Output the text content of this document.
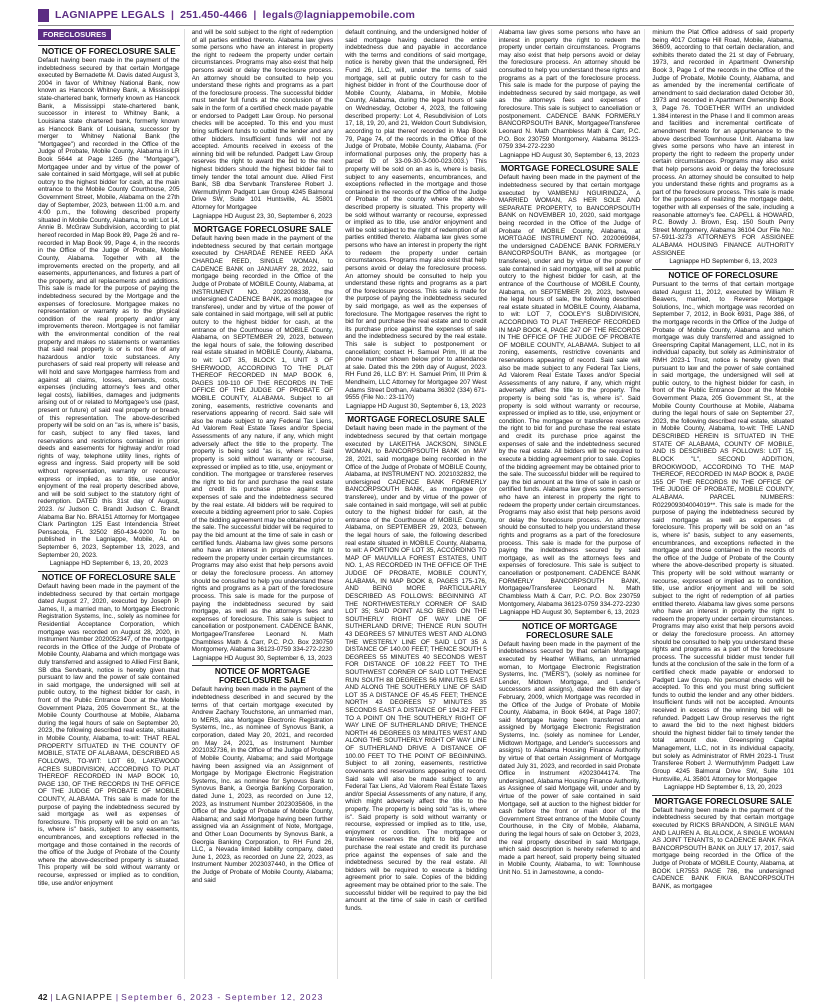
LAGNIAPPE LEGALS | 251.450-4466 | legals@lagniappemobile.com
FORECLOSURES
NOTICE OF FORECLOSURE SALE
Default having been made in the payment of the indebtedness secured by that certain Mortgage executed by Bernadette M. Davis dated August 3, 2004 in favor of Whitney National Bank, now known as Hancock Whitney Bank, a Mississippi state-chartered bank, formerly known as Hancock Bank, a Mississippi state-chartered bank, successor in interest to Whitney Bank, a Louisiana state chartered bank, formerly known as Hancock Bank of Louisiana, successor by merger to Whitney National Bank (the "Mortgagee") and recorded in the Office of the Judge of Probate, Mobile County, Alabama in LR Book 5644 at Page 1265 (the "Mortgage"), Mortgagee under and by virtue of the power of sale contained in said Mortgage, will sell at public outcry to the highest bidder for cash, at the main entrance to the Mobile County Courthouse, 205 Government Street, Mobile, Alabama on the 27th day of September, 2023, between 11:00 a.m. and 4:00 p.m., the following described property situated in Mobile County, Alabama, to wit: Lot 14, Annie B. McGraw Subdivision, according to plat hereof recorded in Map Book 89, Page 26 and re-recorded in Map Book 99, Page 4, in the records in the Office of the Judge of Probate, Mobile County, Alabama. Together with all the improvements erected on the property, and all easements, appurtenances, and fixtures a part of the property, and all replacements and additions. This sale is made for the purpose of paying the indebtedness secured by the Mortgage and the expenses of foreclosure. Mortgagee makes no representation or warranty as to the physical condition of the real property and/or any improvements thereon. Mortgagee is not familiar with the environmental condition of the real property and makes no statements or warranties that said real property is or is not free of any hazardous and/or toxic substances. Any purchasers of said real property will release and will hold and save Mortgagee harmless from and against all claims, losses, demands, costs, expenses (including attorney's fees and other legal costs), liabilities, damages and judgments arising out of or related to Mortgagee's use (past, present or future) of said real property or breach of this representation. The above-described property will be sold on an "as is, where is" basis, for cash, subject to any filed taxes, land reservations and restrictions contained in prior deeds and easements for highway and/or road rights of way, telephone utility lines, rights of egress and ingress. Said property will be sold without representation, warranty or recourse, express or implied, as to title, use and/or enjoyment of the real property described above, and will be sold subject to the statutory right of redemption. DATED this 31st day of August, 2023. /s/ Judson C. Brandt Judson C. Brandt Alabama Bar No. BRA151 Attorney for Mortgagee Clark Partington 125 East Intendencia Street Pensacola, FL 32502 850-434-9200 To be published in the Lagniappe, Mobile, AL on September 6, 2023, September 13, 2023, and September 20, 2023.
Lagniappe HD September 6, 13, 20, 2023
NOTICE OF FORECLOSURE SALE
Default having been made in the payment of the indebtedness secured by that certain mortgage dated August 27, 2020, executed by Joseph P. James, II, a married man, to Mortgage Electronic Registration Systems, Inc., solely as nominee for Residential Acceptance Corporation, which mortgage was recorded on August 28, 2020, in Instrument Number 2020052347, of the mortgage records in the Office of the Judge of Probate of Mobile County, Alabama and which mortgage was duly transferred and assigned to Allied First Bank, SB dba Servbank, notice is hereby given that pursuant to law and the power of sale contained in said mortgage, the undersigned will sell at public outcry, to the highest bidder for cash, in front of the Public Entrance Door at the Mobile Government Plaza, 205 Government St., at the Mobile County Courthouse at Mobile, Alabama during the legal hours of sale on September 20, 2023, the following described real estate, situated in Mobile County, Alabama, to-wit: THAT REAL PROPERTY SITUATED IN THE COUNTY OF MOBILE, STATE OF ALABAMA, DESCRIBED AS FOLLOWS, TO-WIT: LOT 69, LAKEWOOD ACRES SUBDIVISION, ACCORDING TO PLAT THEREOF RECORDED IN MAP BOOK 10, PAGE 130, OF THE RECORDS IN THE OFFICE OF THE JUDGE OF PROBATE OF MOBILE COUNTY, ALABAMA. This sale is made for the purpose of paying the indebtedness secured by said mortgage as well as expenses of foreclosure. This property will be sold on an "as is, where is" basis, subject to any easements, encumbrances, and exceptions reflected in the mortgage and those contained in the records of the office of the Judge of Probate of the County where the above-described property is situated. This property will be sold without warranty or recourse, expressed or implied as to condition, title, use and/or enjoyment
and will be sold subject to the right of redemption of all parties entitled thereto. Alabama law gives some persons who have an interest in property the right to redeem the property under certain circumstances. Programs may also exist that help persons avoid or delay the foreclosure process. An attorney should be consulted to help you understand these rights and programs as a part of the foreclosure process. The successful bidder must tender full funds at the conclusion of the sale in the form of a certified check made payable or endorsed to Padgett Law Group. No personal checks will be accepted. To this end you must bring sufficient funds to outbid the lender and any other bidders. Insufficient funds will not be accepted. Amounts received in excess of the winning bid will be refunded. Padgett Law Group reserves the right to award the bid to the next highest bidders should the highest bidder fail to timely tender the total amount due. Allied First Bank, SB dba Servbank Transferee Robert J. Wermuth/jmm Padgett Law Group 4245 Balmoral Drive SW, Suite 101 Huntsville, AL 35801 Attorney for Mortgagee
Lagniappe HD August 23, 30, September 6, 2023
MORTGAGE FORECLOSURE SALE
Default having been made in the payment of the indebtedness secured by that certain mortgage executed by CHARDAE RENEE REED AKA CHARDAE REED, SINGLE WOMAN, to CADENCE BANK on JANUARY 28, 2022, said mortgage being recorded in the Office of the Judge of Probate of MOBILE County, Alabama, at INSTRUMENT NO. 2022008338, the undersigned CADENCE BANK, as mortgagee (or transferee), under and by virtue of the power of sale contained in said mortgage, will sell at public outcry to the highest bidder for cash, at the entrance of the Courthouse of MOBILE County, Alabama, on SEPTEMBER 29, 2023, between the legal hours of sale, the following described real estate situated in MOBILE County, Alabama, to wit: LOT 35, BLOCK 1, UNIT 3 OF SHERWOOD, ACCORDING TO THE PLAT THEREOF RECORDED IN MAP BOOK 6, PAGES 109-110 OF THE RECORDS IN THE OFFICE OF THE JUDGE OF PROBATE OF MOBILE COUNTY, ALABAMA. Subject to all zoning, easements, restrictive covenants and reservations appearing of record. Said sale will also be made subject to any Federal Tax Liens, Ad Valorem Real Estate Taxes and/or Special Assessments of any nature, if any, which might adversely affect the title to the property. The property is being sold "as is, where is". Said property is sold without warranty or recourse, expressed or implied as to title, use, enjoyment or condition. The mortgagee or transferee reserves the right to bid for and purchase the real estate and credit its purchase price against the expenses of sale and the indebtedness secured by the real estate. All bidders will be required to execute a bidding agreement prior to sale. Copies of the bidding agreement may be obtained prior to the sale. The successful bidder will be required to pay the bid amount at the time of sale in cash or certified funds. Alabama law gives some persons who have an interest in property the right to redeem the property under certain circumstances. Programs may also exist that help persons avoid or delay the foreclosure process. An attorney should be consulted to help you understand these rights and programs as a part of the foreclosure process. This sale is made for the purpose of paying the indebtedness secured by said mortgage, as well as the attorneys fees and expenses of foreclosure. This sale is subject to cancellation or postponement. CADENCE BANK, Mortgagee/Transferee Leonard N. Math Chambless Math & Carr, P.C. P.O. Box 230759 Montgomery, Alabama 36123-0759 334-272-2230
Lagniappe HD August 30, September 6, 13, 2023
NOTICE OF MORTGAGE FORECLOSURE SALE
Default having been made in the payment of the indebtedness described in and secured by the terms of that certain mortgage executed by Andrew Zachary Touchstone, an unmarried man, to MERS, aka Mortgage Electronic Registration Systems, Inc., as nominee of Synovus Bank, a corporation, dated May 20, 2021, and recorded on May 24, 2021, as Instrument Number 2021032736, in the Office of the Judge of Probate of Mobile County, Alabama; and said Mortgage having been assigned via an Assignment of Mortgage by Mortgage Electronic Registration Systems, Inc. as nominee for Synovus Bank to Synovus Bank, a Georgia Banking Corporation, dated June 1, 2023, as recorded on June 12, 2023, as Instrument Number 2023035606, in the Office of the Judge of Probate of Mobile County, Alabama; and said Mortgage having been further assigned via an Assignment of Note, Mortgage, and Other Loan Documents by Synovus Bank, a Georgia Banking Corporation, to RH Fund 26, LLC, a Nevada limited liability company, dated June 1, 2023, as recorded on June 22, 2023, as Instrument Number 2023037440, in the Office of the Judge of Probate of Mobile County, Alabama; and said
default continuing, and the undersigned holder of said mortgage having declared the entire indebtedness due and payable in accordance with the terms and conditions of said mortgage, notice is hereby given that the undersigned, RH Fund 26, LLC, will, under the terms of said mortgage, sell at public outcry for cash to the highest bidder in front of the Courthouse door of Mobile County, Alabama, in Mobile, Mobile County, Alabama, during the legal hours of sale on Wednesday, October 4, 2023, the following described property: Lot 4, Resubdivision of Lots 17, 18, 19, 20, and 21, Weldon Court Subdivision, according to plat thereof recorded in Map Book 79, Page 74, of the records in the Office of the Judge of Probate, Mobile County, Alabama. (For informational purposes only, the property has a parcel ID of 33-09-30-3-000-023.003.) This property will be sold on an as is, where is basis, subject to any easements, encumbrances, and exceptions reflected in the mortgage and those contained in the records of the Office of the Judge of Probate of the county where the above-described property is situated. This property will be sold without warranty or recourse, expressed or implied as to title, use and/or enjoyment and will be sold subject to the right of redemption of all parties entitled thereto. Alabama law gives some persons who have an interest in property the right to redeem the property under certain circumstances. Programs may also exist that help persons avoid or delay the foreclosure process. An attorney should be consulted to help you understand these rights and programs as a part of the foreclosure process. This sale is made for the purpose of paying the indebtedness secured by said mortgage, as well as the expenses of foreclosure. The Mortgagee reserves the right to bid for and purchase the real estate and to credit its purchase price against the expenses of sale and the indebtedness secured by the real estate. This sale is subject to postponement or cancellation; contact H. Samuel Prim, III at the phone number shown below prior to attendance at sale. Dated this the 29th day of August, 2023. RH Fund 26, LLC BY: H. Samuel Prim, III Prim & Mendheim, LLC Attorney for Mortgagee 207 West Adams Street Dothan, Alabama 36302 (334) 671-9555 (File No.: 23-1170)
Lagniappe HD August 30, September 6, 13, 2023
MORTGAGE FORECLOSURE SALE
Default having been made in the payment of the indebtedness secured by that certain mortgage executed by LAKEITHA JACKSON, SINGLE WOMAN, to BANCORPSOUTH BANK on MAY 28, 2021, said mortgage being recorded in the Office of the Judge of Probate of MOBILE County, Alabama, at INSTRUMENT NO. 2021032832, the undersigned CADENCE BANK FORMERLY BANCORPSOUTH BANK, as mortgagee (or transferee), under and by virtue of the power of sale contained in said mortgage, will sell at public outcry to the highest bidder for cash, at the entrance of the Courthouse of MOBILE County, Alabama, on SEPTEMBER 29, 2023, between the legal hours of sale, the following described real estate situated in MOBILE County, Alabama, to wit: A PORTION OF LOT 35, ACCORDING TO MAP OF MAUVILLA FOREST ESTATES, UNIT NO. 1, AS RECORDED IN THE OFFICE OF THE JUDGE OF PROBATE, MOBILE COUNTY, ALABAMA, IN MAP BOOK 8, PAGES 175-176, AND BEING MORE PARTICULARLY DESCRIBED AS FOLLOWS: BEGINNING AT THE NORTHWESTERLY CORNER OF SAID LOT 35; SAID POINT ALSO BEING ON THE SOUTHERLY RIGHT OF WAY LINE OF SUTHERLAND DRIVE; THENCE RUN SOUTH 43 DEGREES 57 MINUTES WEST AND ALONG THE WESTERLY LINE OF SAID LOT 35 A DISTANCE OF 140.00 FEET; THENCE SOUTH 5 DEGREES 55 MINUTES 40 SECONDS WEST FOR DISTANCE OF 108.22 FEET TO THE SOUTHWEST CORNER OF SAID LOT THENCE RUN SOUTH 88 DEGREES 56 MINUTES EAST AND ALONG THE SOUTHERLY LINE OF SAID LOT 35 A DISTANCE OF 45.45 FEET; THENCE NORTH 43 DEGREES 57 MINUTES 35 SECONDS EAST A DISTANCE OF 194.32 FEET TO A POINT ON THE SOUTHERLY RIGHT OF WAY LINE OF SUTHERLAND DRIVE; THENCE NORTH 46 DEGREES 03 MINUTES WEST AND ALONG THE SOUTHERLY RIGHT OF WAY LINE OF SUTHERLAND DRIVE A DISTANCE OF 100.00 FEET TO THE POINT OF BEGINNING. Subject to all zoning, easements, restrictive covenants and reservations appearing of record. Said sale will also be made subject to any Federal Tax Liens, Ad Valorem Real Estate Taxes and/or Special Assessments of any nature, if any, which might adversely affect the title to the property. The property is being sold "as is, where is". Said property is sold without warranty or recourse, expressed or implied as to title, use, enjoyment or condition. The mortgagee or transferee reserves the right to bid for and purchase the real estate and credit its purchase price against the expenses of sale and the indebtedness secured by the real estate. All bidders will be required to execute a bidding agreement prior to sale. Copies of the bidding agreement may be obtained prior to the sale. The successful bidder will be required to pay the bid amount at the time of sale in cash or certified funds.
Alabama law gives some persons who have an interest in property the right to redeem the property under certain circumstances. Programs may also exist that help persons avoid or delay the foreclosure process. An attorney should be consulted to help you understand these rights and programs as a part of the foreclosure process. This sale is made for the purpose of paying the indebtedness secured by said mortgage, as well as the attorneys fees and expenses of foreclosure. This sale is subject to cancellation or postponement. CADENCE BANK FORMERLY BANCORPSOUTH BANK, Mortgagee/Transferee Leonard N. Math Chambless Math & Carr, P.C. P.O. Box 230759 Montgomery, Alabama 36123-0759 334-272-2230
Lagniappe HD August 30, September 6, 13, 2023
MORTGAGE FORECLOSURE SALE
Default having been made in the payment of the indebtedness secured by that certain mortgage executed by VAMBENU NGUIRINDZA, A MARRIED WOMAN, AS HER SOLE AND SEPARATE PROPERTY, to BANCORPSOUTH BANK on NOVEMBER 10, 2020, said mortgage being recorded in the Office of the Judge of Probate of MOBILE County, Alabama, at MORTGAGE INSTRUMENT NO. 2020069984, the undersigned CADENCE BANK FORMERLY BANCORPSOUTH BANK, as mortgagee (or transferee), under and by virtue of the power of sale contained in said mortgage, will sell at public outcry to the highest bidder for cash, at the entrance of the Courthouse of MOBILE County, Alabama, on SEPTEMBER 29, 2023, between the legal hours of sale, the following described real estate situated in MOBILE County, Alabama, to wit: LOT 7, COOLEY'S SUBDIVISION, ACCORDING TO PLAT THEREOF RECORDED IN MAP BOOK 4, PAGE 247 OF THE RECORDS IN THE OFFICE OF THE JUDGE OF PROBATE OF MOBILE COUNTY, ALABAMA. Subject to all zoning, easements, restrictive covenants and reservations appearing of record. Said sale will also be made subject to any Federal Tax Liens, Ad Valorem Real Estate Taxes and/or Special Assessments of any nature, if any, which might adversely affect the title to the property. The property is being sold "as is, where is". Said property is sold without warranty or recourse, expressed or implied as to title, use, enjoyment or condition. The mortgagee or transferee reserves the right to bid for and purchase the real estate and credit its purchase price against the expenses of sale and the indebtedness secured by the real estate. All bidders will be required to execute a bidding agreement prior to sale. Copies of the bidding agreement may be obtained prior to the sale. The successful bidder will be required to pay the bid amount at the time of sale in cash or certified funds. Alabama law gives some persons who have an interest in property the right to redeem the property under certain circumstances. Programs may also exist that help persons avoid or delay the foreclosure process. An attorney should be consulted to help you understand these rights and programs as a part of the foreclosure process. This sale is made for the purpose of paying the indebtedness secured by said mortgage, as well as the attorneys fees and expenses of foreclosure. This sale is subject to cancellation or postponement. CADENCE BANK FORMERLY BANCORPSOUTH BANK, Mortgagee/Transferee Leonard N. Math Chambless Math & Carr, P.C. P.O. Box 230759 Montgomery, Alabama 36123-0759 334-272-2230
Lagniappe HD August 30, September 6, 13, 2023
NOTICE OF MORTGAGE FORECLOSURE SALE
Default having been made in the payment of the indebtedness secured by that certain Mortgage executed by Heather Williams, an unmarried woman, to Mortgage Electronic Registration Systems, Inc. ("MERS"), (solely as nominee for Lender, Midtown Mortgage, and Lender's successors and assigns), dated the 6th day of February, 2009, which Mortgage was recorded in the Office of the Judge of Probate of Mobile County, Alabama, in Book 6494, at Page 1807; said Mortgage having been transferred and assigned by Mortgage Electronic Registration Systems, Inc. (solely as nominee for Lender, Midtown Mortgage, and Lender's successors and assigns) to Alabama Housing Finance Authority by virtue of that certain Assignment of Mortgage dated July 31, 2023, and recorded in said Probate Office in Instrument #2023044174. The undersigned, Alabama Housing Finance Authority, as Assignee of said Mortgage will, under and by virtue of the power of sale contained in said Mortgage, sell at auction to the highest bidder for cash before the front or main door of the Government Street entrance of the Mobile County Courthouse, in the City of Mobile, Alabama, during the legal hours of sale on October 3, 2023, the real property described in said Mortgage, which said description is hereby referred to and made a part hereof, said property being situated in Mobile County, Alabama, to wit: Townhouse Unit No. 51 in Jamestowne, a condo-
minium the Plat Office address of said property being 4017 Cottage Hill Road, Mobile, Alabama, 36609, according to that certain declaration, and exhibits thereto dated the 21 st day of February, 1973, and recorded in Apartment Ownership Book 3, Page 1 of the records in the Office of the Judge of Probate, Mobile County, Alabama, and as amended by the incremental certificate of amendment to said declaration dated October 30, 1973 and recorded in Apartment Ownership Book 3, Page 76. TOGETHER WITH an undivided 1.384 interest in the Phase I and II common areas and facilities and incremental certificate of amendment thereto for an appurtenance to the above described Townhouse Unit. Alabama law gives some persons who have an interest in property the right to redeem the property under certain circumstances. Programs may also exist that help persons avoid or delay the foreclosure process. An attorney should be consulted to help you understand these rights and programs as a part of the foreclosure process. This sale is made for the purposes of realizing the mortgage debt, together with all expenses of the sale, including a reasonable attorney's fee. CAPELL & HOWARD, P.C. Bowdy J. Brown, Esq. 150 South Perry Street Montgomery, Alabama 36104 Our File No.: 57-5911-3273 ATTORNEYS FOR ASSIGNEE ALABAMA HOUSING FINANCE AUTHORITY ASSIGNEE
Lagniappe HD September 6, 13, 2023
NOTICE OF FORECLOSURE
Pursuant to the terms of that certain mortgage dated August 11, 2012, executed by William R Beavers, married, to Reverse Mortgage Solutions, Inc., which mortgage was recorded on September 7, 2012, in Book 6931, Page 386, of the mortgage records in the Office of the Judge of Probate of Mobile County, Alabama and which mortgage was duly transferred and assigned to Greenspring Capital Management, LLC, not in its individual capacity, but solely as Administrator of RMH 2023-1 Trust, notice is hereby given that pursuant to law and the power of sale contained in said mortgage, the undersigned will sell at public outcry, to the highest bidder for cash, in front of the Public Entrance Door at the Mobile Government Plaza, 205 Government St., at the Mobile County Courthouse at Mobile, Alabama during the legal hours of sale on September 27, 2023, the following described real estate, situated in Mobile County, Alabama, to-wit: THE LAND DESCRIBED HEREIN IS SITUATED IN THE STATE OF ALABAMA, COUNTY OF MOBILE, AND IS DESCRIBED AS FOLLOWS: LOT 15, BLOCK "L", SECOND ADDITION, BROOKWOOD, ACCORDING TO THE MAP THEREOF, RECORDED IN MAP BOOK 8, PAGE 155 OF THE RECORDS IN THE OFFICE OF THE JUDGE OF PROBATE, MOBILE COUNTY, ALABAMA. PARCEL NUMBERS: R022909304004019**. This sale is made for the purpose of paying the indebtedness secured by said mortgage as well as expenses of foreclosure. This property will be sold on an "as is, where is" basis, subject to any easements, encumbrances, and exceptions reflected in the mortgage and those contained in the records of the office of the Judge of Probate of the County where the above-described property is situated. This property will be sold without warranty or recourse, expressed or implied as to condition, title, use and/or enjoyment and will be sold subject to the right of redemption of all parties entitled thereto. Alabama law gives some persons who have an interest in property the right to redeem the property under certain circumstances. Programs may also exist that help persons avoid or delay the foreclosure process. An attorney should be consulted to help you understand these rights and programs as a part of the foreclosure process. The successful bidder must tender full funds at the conclusion of the sale in the form of a certified check made payable or endorsed to Padgett Law Group. No personal checks will be accepted. To this end you must bring sufficient funds to outbid the lender and any other bidders. Insufficient funds will not be accepted. Amounts received in excess of the winning bid will be refunded. Padgett Law Group reserves the right to award the bid to the next highest bidders should the highest bidder fail to timely tender the total amount due. Greenspring Capital Management, LLC, not in its individual capacity, but solely as Administrator of RMH 2023-1 Trust Transferee Robert J. Wermuth/jmm Padgett Law Group 4245 Balmoral Drive SW, Suite 101 Huntsville, AL 35801 Attorney for Mortgagee
Lagniappe HD September 6, 13, 20, 2023
MORTGAGE FORECLOSURE SALE
Default having been made in the payment of the indebtedness secured by that certain mortgage executed by RICKS BRANDON, A SINGLE MAN AND LAUREN A. BLALOCK, A SINGLE WOMAN AS JOINT TENANTS, to CADENCE BANK F/K/A BANCORPSOUTH BANK on JULY 17, 2017, said mortgage being recorded in the Office of the Judge of Probate of MOBILE County, Alabama, at BOOK LR7553 PAGE 786, the undersigned CADENCE BANK F/K/A BANCORPSOUTH BANK, as mortgagee
42 | LAGNIAPPE | September 6, 2023 - September 12, 2023
